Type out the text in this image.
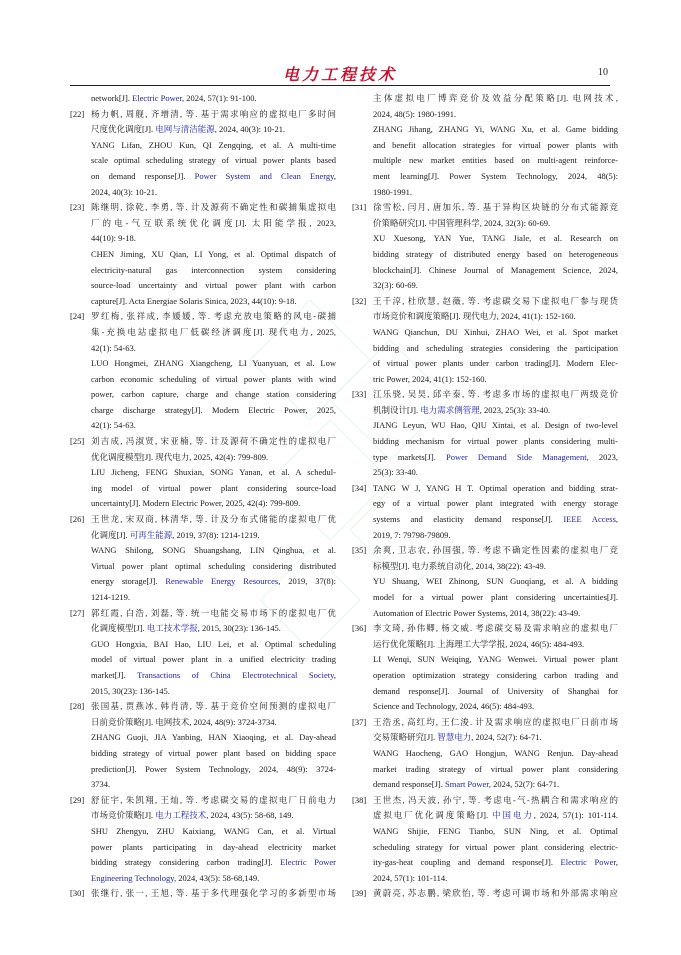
电力工程技术	10
network[J]. Electric Power, 2024, 57(1): 91-100.
[22] 杨力帆, 周舰, 齐增清, 等. 基于需求响应的虚拟电厂多时间
尺度优化调度[J]. 电网与清洁能源, 2024, 40(3): 10-21.
YANG Lifan, ZHOU Kun, QI Zengqing, et al. A multi-time
scale optimal scheduling strategy of virtual power plants based
on demand response[J]. Power System and Clean Energy,
2024, 40(3): 10-21.
[23] 陈继明, 徐乾, 李勇, 等. 计及源荷不确定性和碳捕集虚拟电
厂的电-气互联系统优化调度[J]. 太阳能学报, 2023,
44(10): 9-18.
CHEN Jiming, XU Qian, LI Yong, et al. Optimal dispatch of
electricity-natural gas interconnection system considering
source-load uncertainty and virtual power plant with carbon
capture[J]. Acta Energiae Solaris Sinica, 2023, 44(10): 9-18.
[24] 罗红梅, 张祥成, 李媛媛, 等. 考虑充放电策略的风电-碳捕
集-充换电站虚拟电厂低碳经济调度[J]. 现代电力, 2025,
42(1): 54-63.
LUO Hongmei, ZHANG Xiangcheng, LI Yuanyuan, et al. Low
carbon economic scheduling of virtual power plants with wind
power, carbon capture, charge and change station considering
charge discharge strategy[J]. Modern Electric Power, 2025,
42(1): 54-63.
[25] 刘吉成, 冯淑贤, 宋亚楠, 等. 计及源荷不确定性的虚拟电厂
优化调度模型[J]. 现代电力, 2025, 42(4): 799-809.
LIU Jicheng, FENG Shuxian, SONG Yanan, et al. A schedul-
ing model of virtual power plant considering source-load
uncertainty[J]. Modern Electric Power, 2025, 42(4): 799-809.
[26] 王世龙, 宋双商, 林清华, 等. 计及分布式储能的虚拟电厂优
化调度[J]. 可再生能源, 2019, 37(8): 1214-1219.
WANG Shilong, SONG Shuangshang, LIN Qinghua, et al.
Virtual power plant optimal scheduling considering distributed
energy storage[J]. Renewable Energy Resources, 2019, 37(8):
1214-1219.
[27] 郭红霞, 白浩, 刘磊, 等. 统一电能交易市场下的虚拟电厂优
化调度模型[J]. 电工技术学报, 2015, 30(23): 136-145.
GUO Hongxia, BAI Hao, LIU Lei, et al. Optimal scheduling
model of virtual power plant in a unified electricity trading
market[J]. Transactions of China Electrotechnical Society,
2015, 30(23): 136-145.
[28] 张国基, 贾燕冰, 韩肖清, 等. 基于竞价空间预测的虚拟电厂
日前竞价策略[J]. 电网技术, 2024, 48(9): 3724-3734.
ZHANG Guoji, JIA Yanbing, HAN Xiaoqing, et al. Day-ahead
bidding strategy of virtual power plant based on bidding space
prediction[J]. Power System Technology, 2024, 48(9): 3724-
3734.
[29] 舒征宇, 朱凯翔, 王灿, 等. 考虑碳交易的虚拟电厂日前电力
市场竞价策略[J]. 电力工程技术, 2024, 43(5): 58-68, 149.
SHU Zhengyu, ZHU Kaixiang, WANG Can, et al. Virtual
power plants participating in day-ahead electricity market
bidding strategy considering carbon trading[J]. Electric Power
Engineering Technology, 2024, 43(5): 58-68,149.
[30] 张继行, 张一, 王旭, 等. 基于多代理强化学习的多新型市场
主体虚拟电厂博弈竞价及效益分配策略[J]. 电网技术,
2024, 48(5): 1980-1991.
ZHANG Jihang, ZHANG Yi, WANG Xu, et al. Game bidding
and benefit allocation strategies for virtual power plants with
multiple new market entities based on multi-agent reinforce-
ment learning[J]. Power System Technology, 2024, 48(5):
1980-1991.
[31] 徐雪松, 闫月, 唐加乐, 等. 基于异构区块链的分布式能源竞
价策略研究[J]. 中国管理科学, 2024, 32(3): 60-69.
XU Xuesong, YAN Yue, TANG Jiale, et al. Research on
bidding strategy of distributed energy based on heterogeneous
blockchain[J]. Chinese Journal of Management Science, 2024,
32(3): 60-69.
[32] 王千淳, 杜欣慧, 赵薇, 等. 考虑碳交易下虚拟电厂参与现货
市场竞价和调度策略[J]. 现代电力, 2024, 41(1): 152-160.
WANG Qianchun, DU Xinhui, ZHAO Wei, et al. Spot market
bidding and scheduling strategies considering the participation
of virtual power plants under carbon trading[J]. Modern Elec-
tric Power, 2024, 41(1): 152-160.
[33] 江乐骁, 吴昊, 邱辛泰, 等. 考虑多市场的虚拟电厂两级竞价
机制设计[J]. 电力需求侧管理, 2023, 25(3): 33-40.
JIANG Leyun, WU Hao, QIU Xintai, et al. Design of two-level
bidding mechanism for virtual power plants considering multi-
type markets[J]. Power Demand Side Management, 2023,
25(3): 33-40.
[34] TANG W J, YANG H T. Optimal operation and bidding strat-
egy of a virtual power plant integrated with energy storage
systems and elasticity demand response[J]. IEEE Access,
2019, 7: 79798-79809.
[35] 余爽, 卫志农, 孙国强, 等. 考虑不确定性因素的虚拟电厂竞
标模型[J]. 电力系统自动化, 2014, 38(22): 43-49.
YU Shuang, WEI Zhinong, SUN Guoqiang, et al. A bidding
model for a virtual power plant considering uncertainties[J].
Automation of Electric Power Systems, 2014, 38(22): 43-49.
[36] 李文琦, 孙伟卿, 杨文威. 考虑碳交易及需求响应的虚拟电厂
运行优化策略[J]. 上海理工大学学报, 2024, 46(5): 484-493.
LI Wenqi, SUN Weiqing, YANG Wenwei. Virtual power plant
operation optimization strategy considering carbon trading and
demand response[J]. Journal of University of Shanghai for
Science and Technology, 2024, 46(5): 484-493.
[37] 王浩丞, 高红均, 王仁浚. 计及需求响应的虚拟电厂日前市场
交易策略研究[J]. 智慧电力, 2024, 52(7): 64-71.
WANG Haocheng, GAO Hongjun, WANG Renjun. Day-ahead
market trading strategy of virtual power plant considering
demand response[J]. Smart Power, 2024, 52(7): 64-71.
[38] 王世杰, 冯天波, 孙宁, 等. 考虑电-气-热耦合和需求响应的
虚拟电厂优化调度策略[J]. 中国电力, 2024, 57(1): 101-114.
WANG Shijie, FENG Tianbo, SUN Ning, et al. Optimal
scheduling strategy for virtual power plant considering electric-
ity-gas-heat coupling and demand response[J]. Electric Power,
2024, 57(1): 101-114.
[39] 黄蔚亮, 苏志鹏, 梁欣怡, 等. 考虑可调市场和外部需求响应
